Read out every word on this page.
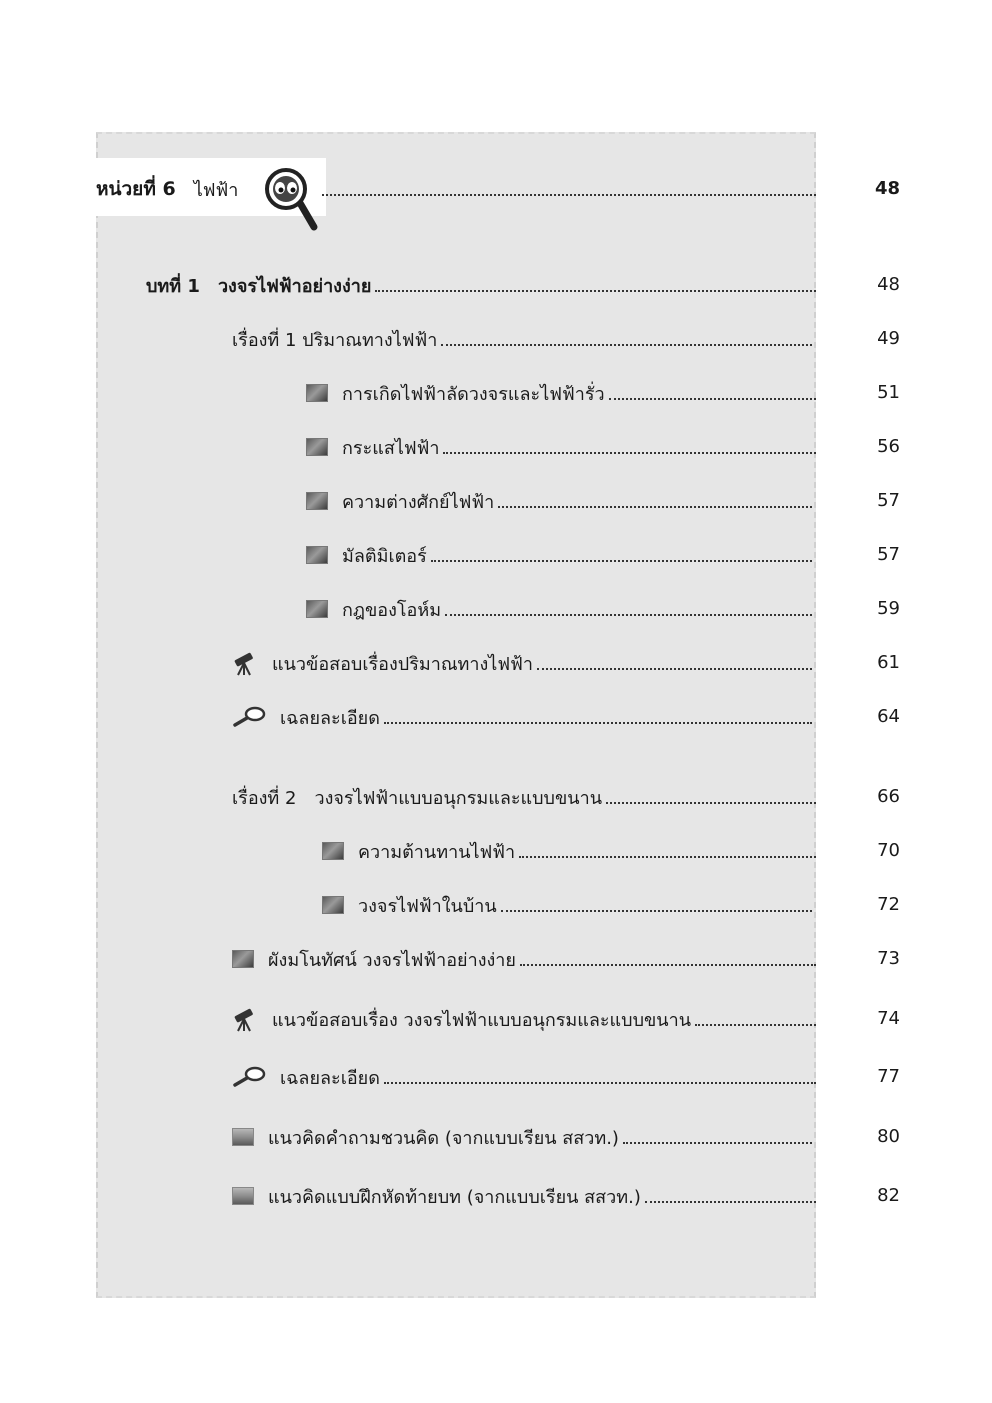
หน่วยที่ 6 ไฟฟ้า	48
บทที่ 1 วงจรไฟฟ้าอย่างง่าย	48
เรื่องที่ 1 ปริมาณทางไฟฟ้า	49
การเกิดไฟฟ้าลัดวงจรและไฟฟ้ารั่ว	51
กระแสไฟฟ้า	56
ความต่างศักย์ไฟฟ้า	57
มัลติมิเตอร์	57
กฎของโอห์ม	59
แนวข้อสอบเรื่องปริมาณทางไฟฟ้า	61
เฉลยละเอียด	64
เรื่องที่ 2 วงจรไฟฟ้าแบบอนุกรมและแบบขนาน	66
ความต้านทานไฟฟ้า	70
วงจรไฟฟ้าในบ้าน	72
ผังมโนทัศน์ วงจรไฟฟ้าอย่างง่าย	73
แนวข้อสอบเรื่อง วงจรไฟฟ้าแบบอนุกรมและแบบขนาน	74
เฉลยละเอียด	77
แนวคิดคำถามชวนคิด (จากแบบเรียน สสวท.)	80
แนวคิดแบบฝึกหัดท้ายบท (จากแบบเรียน สสวท.)	82
